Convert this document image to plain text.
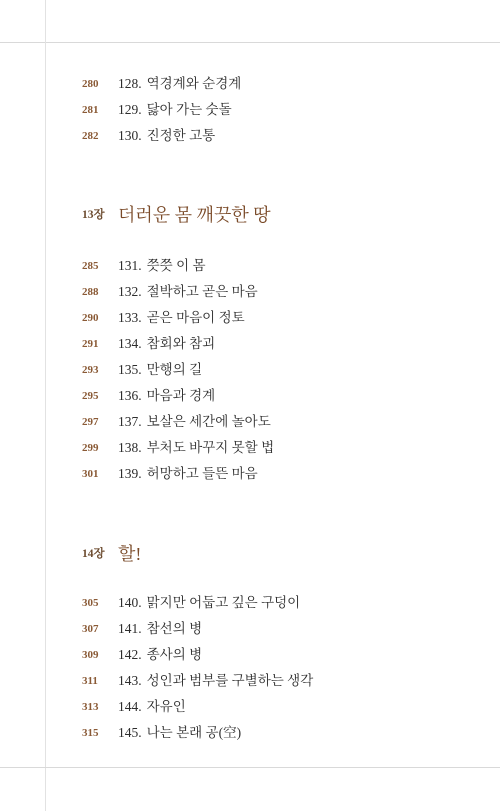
280	128. 역경계와 순경계
281	129. 닳아 가는 숫돌
282	130. 진정한 고통
13장 더러운 몸 깨끗한 땅
285	131. 쯧쯧 이 몸
288	132. 절박하고 곧은 마음
290	133. 곧은 마음이 정토
291	134. 참회와 참괴
293	135. 만행의 길
295	136. 마음과 경계
297	137. 보살은 세간에 놀아도
299	138. 부처도 바꾸지 못할 법
301	139. 허망하고 들뜬 마음
14장 할!
305	140. 맑지만 어둡고 깊은 구덩이
307	141. 참선의 병
309	142. 종사의 병
311	143. 성인과 범부를 구별하는 생각
313	144. 자유인
315	145. 나는 본래 공(空)
